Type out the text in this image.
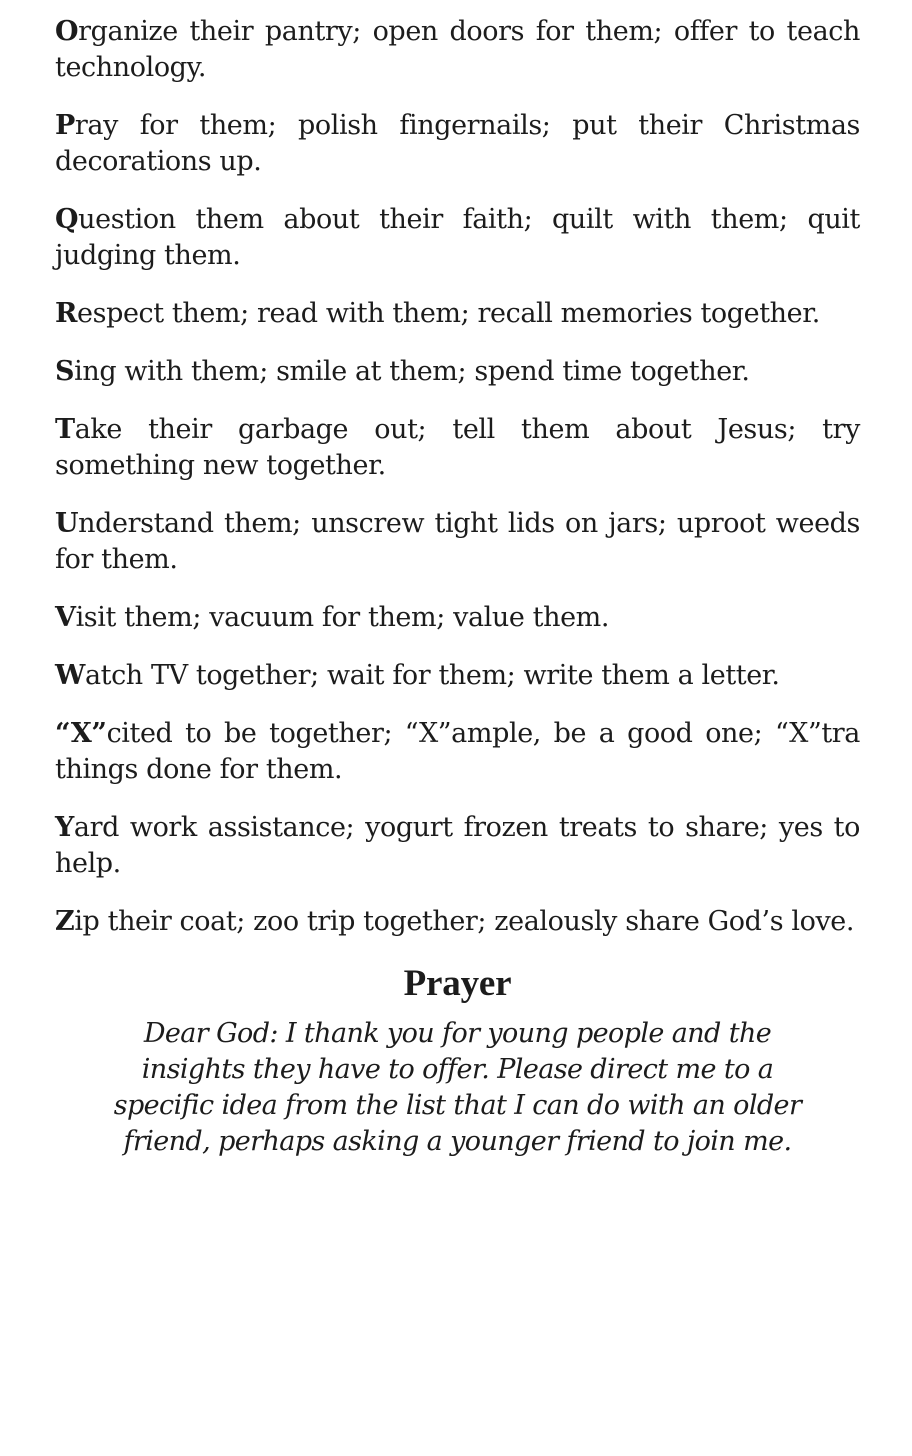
Organize their pantry; open doors for them; offer to teach technology.

Pray for them; polish fingernails; put their Christmas decorations up.

Question them about their faith; quilt with them; quit judging them.

Respect them; read with them; recall memories together.

Sing with them; smile at them; spend time together.

Take their garbage out; tell them about Jesus; try something new together.

Understand them; unscrew tight lids on jars; uproot weeds for them.

Visit them; vacuum for them; value them.

Watch TV together; wait for them; write them a letter.

“X”cited to be together; “X”ample, be a good one; “X”tra things done for them.

Yard work assistance; yogurt frozen treats to share; yes to help.

Zip their coat; zoo trip together; zealously share God’s love.

Prayer
Dear God: I thank you for young people and the
insights they have to offer. Please direct me to a
specific idea from the list that I can do with an older
friend, perhaps asking a younger friend to join me.
